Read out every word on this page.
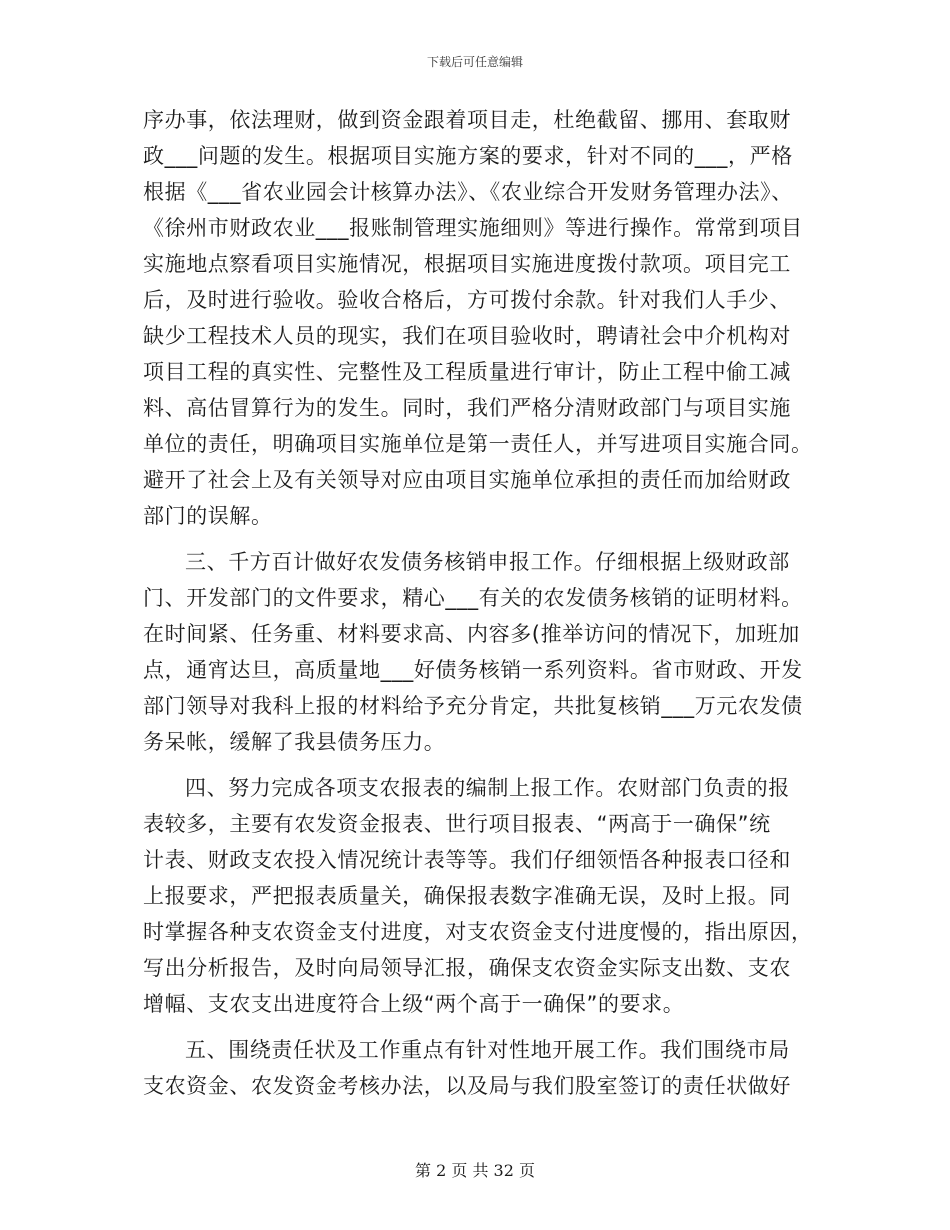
下载后可任意编辑
序办事，依法理财，做到资金跟着项目走，杜绝截留、挪用、套取财
政___问题的发生。根据项目实施方案的要求，针对不同的___，严格
根据《___省农业园会计核算办法》、《农业综合开发财务管理办法》、
《徐州市财政农业___报账制管理实施细则》等进行操作。常常到项目
实施地点察看项目实施情况，根据项目实施进度拨付款项。项目完工
后，及时进行验收。验收合格后，方可拨付余款。针对我们人手少、
缺少工程技术人员的现实，我们在项目验收时，聘请社会中介机构对
项目工程的真实性、完整性及工程质量进行审计，防止工程中偷工减
料、高估冒算行为的发生。同时，我们严格分清财政部门与项目实施
单位的责任，明确项目实施单位是第一责任人，并写进项目实施合同。
避开了社会上及有关领导对应由项目实施单位承担的责任而加给财政
部门的误解。
三、千方百计做好农发债务核销申报工作。仔细根据上级财政部
门、开发部门的文件要求，精心___有关的农发债务核销的证明材料。
在时间紧、任务重、材料要求高、内容多(推举访问的情况下，加班加
点，通宵达旦，高质量地___好债务核销一系列资料。省市财政、开发
部门领导对我科上报的材料给予充分肯定，共批复核销___万元农发债
务呆帐，缓解了我县债务压力。
四、努力完成各项支农报表的编制上报工作。农财部门负责的报
表较多，主要有农发资金报表、世行项目报表、“两高于一确保”统
计表、财政支农投入情况统计表等等。我们仔细领悟各种报表口径和
上报要求，严把报表质量关，确保报表数字准确无误，及时上报。同
时掌握各种支农资金支付进度，对支农资金支付进度慢的，指出原因，
写出分析报告，及时向局领导汇报，确保支农资金实际支出数、支农
增幅、支农支出进度符合上级“两个高于一确保”的要求。
五、围绕责任状及工作重点有针对性地开展工作。我们围绕市局
支农资金、农发资金考核办法，以及局与我们股室签订的责任状做好
第 2 页 共 32 页
